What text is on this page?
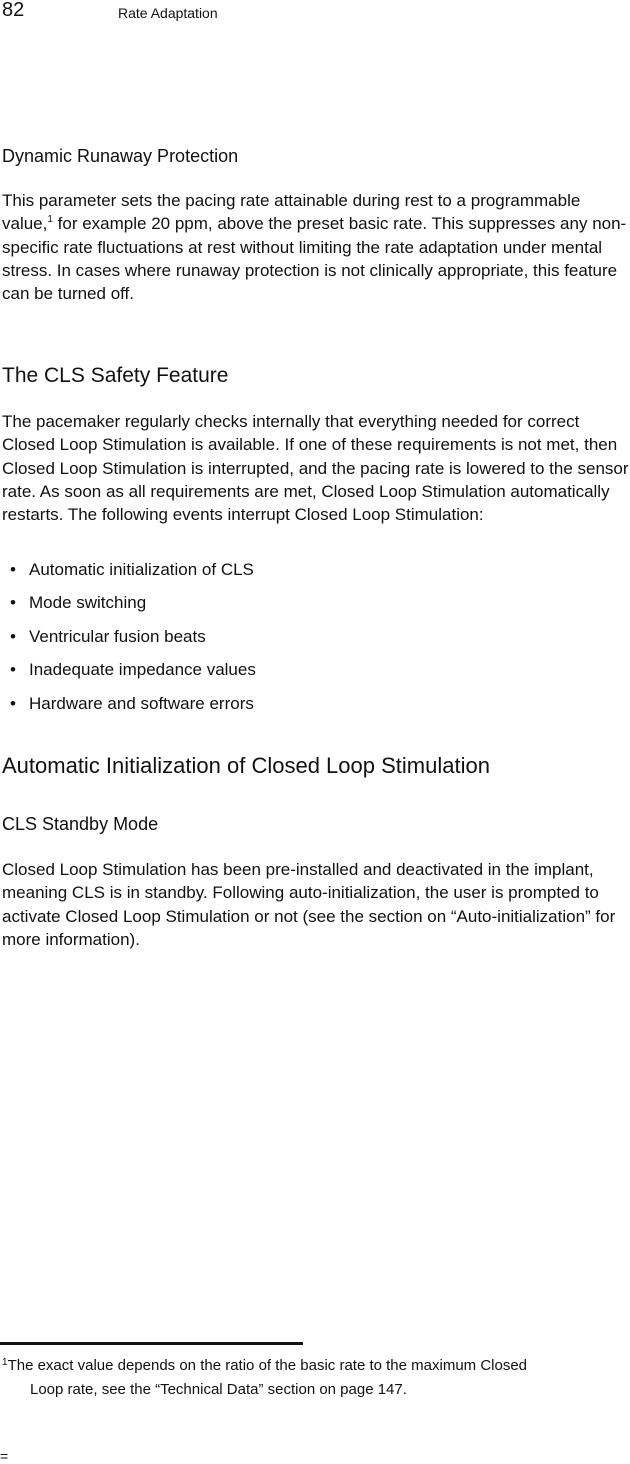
82	Rate Adaptation
Dynamic Runaway Protection

This parameter sets the pacing rate attainable during rest to a programmable value,$^1$ for example 20 ppm, above the preset basic rate. This suppresses any non-specific rate fluctuations at rest without limiting the rate adaptation under mental stress. In cases where runaway protection is not clinically appropriate, this feature can be turned off.

The CLS Safety Feature

The pacemaker regularly checks internally that everything needed for correct Closed Loop Stimulation is available. If one of these requirements is not met, then Closed Loop Stimulation is interrupted, and the pacing rate is lowered to the sensor rate. As soon as all requirements are met, Closed Loop Stimulation automatically restarts. The following events interrupt Closed Loop Stimulation:

• Automatic initialization of CLS
• Mode switching
• Ventricular fusion beats
• Inadequate impedance values
• Hardware and software errors
Automatic Initialization of Closed Loop Stimulation
CLS Standby Mode

Closed Loop Stimulation has been pre-installed and deactivated in the implant, meaning CLS is in standby. Following auto-initialization, the user is prompted to activate Closed Loop Stimulation or not (see the section on “Auto-initialization” for more information).

$^1$The exact value depends on the ratio of the basic rate to the maximum Closed
Loop rate, see the “Technical Data” section on page 147.

=
